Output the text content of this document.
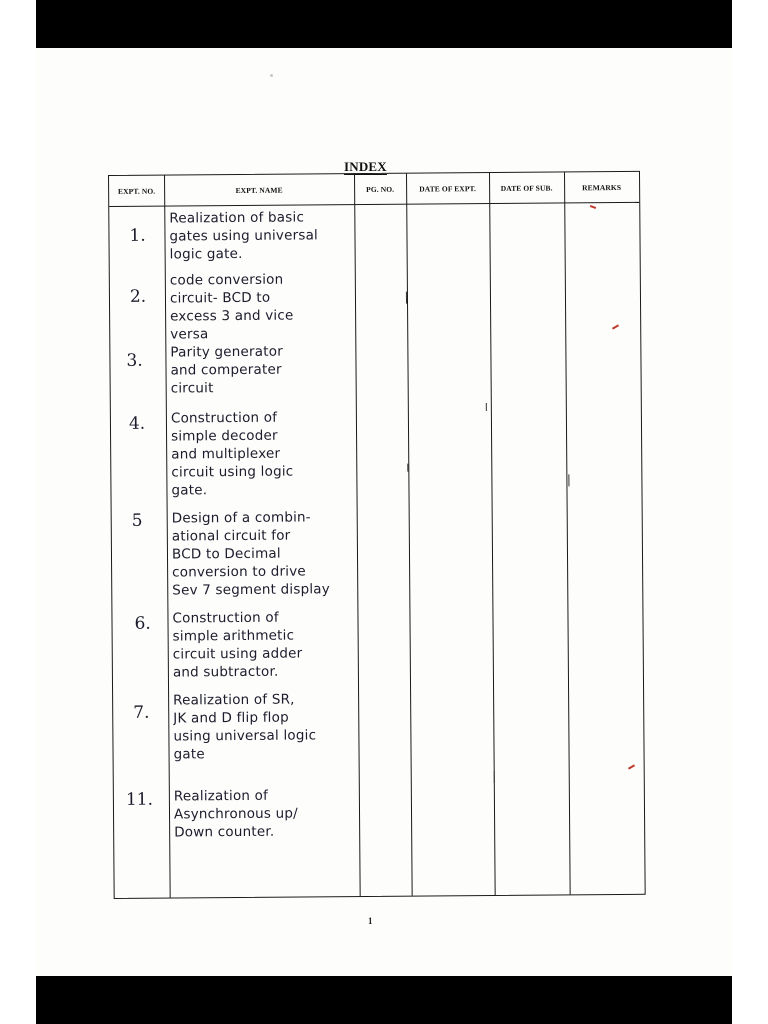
INDEX
EXPT. NO.	EXPT. NAME	PG. NO.	DATE OF EXPT.	DATE OF SUB.	REMARKS
1.
Realization of basic
gates using universal
logic gate.
2.
code conversion
circuit- BCD to
excess 3 and vice
versa
3. Parity generator
and comperater
circuit
4. Construction of
simple decoder
and multiplexer
circuit using logic
gate.
5 Design of a combin-
ational circuit for
BCD to Decimal
conversion to drive
Sev 7 segment display
6. Construction of
simple arithmetic
circuit using adder
and subtractor.
7.
Realization of SR,
JK and D flip flop
using universal logic
gate
11. Realization of
Asynchronous up/
Down counter.
1
